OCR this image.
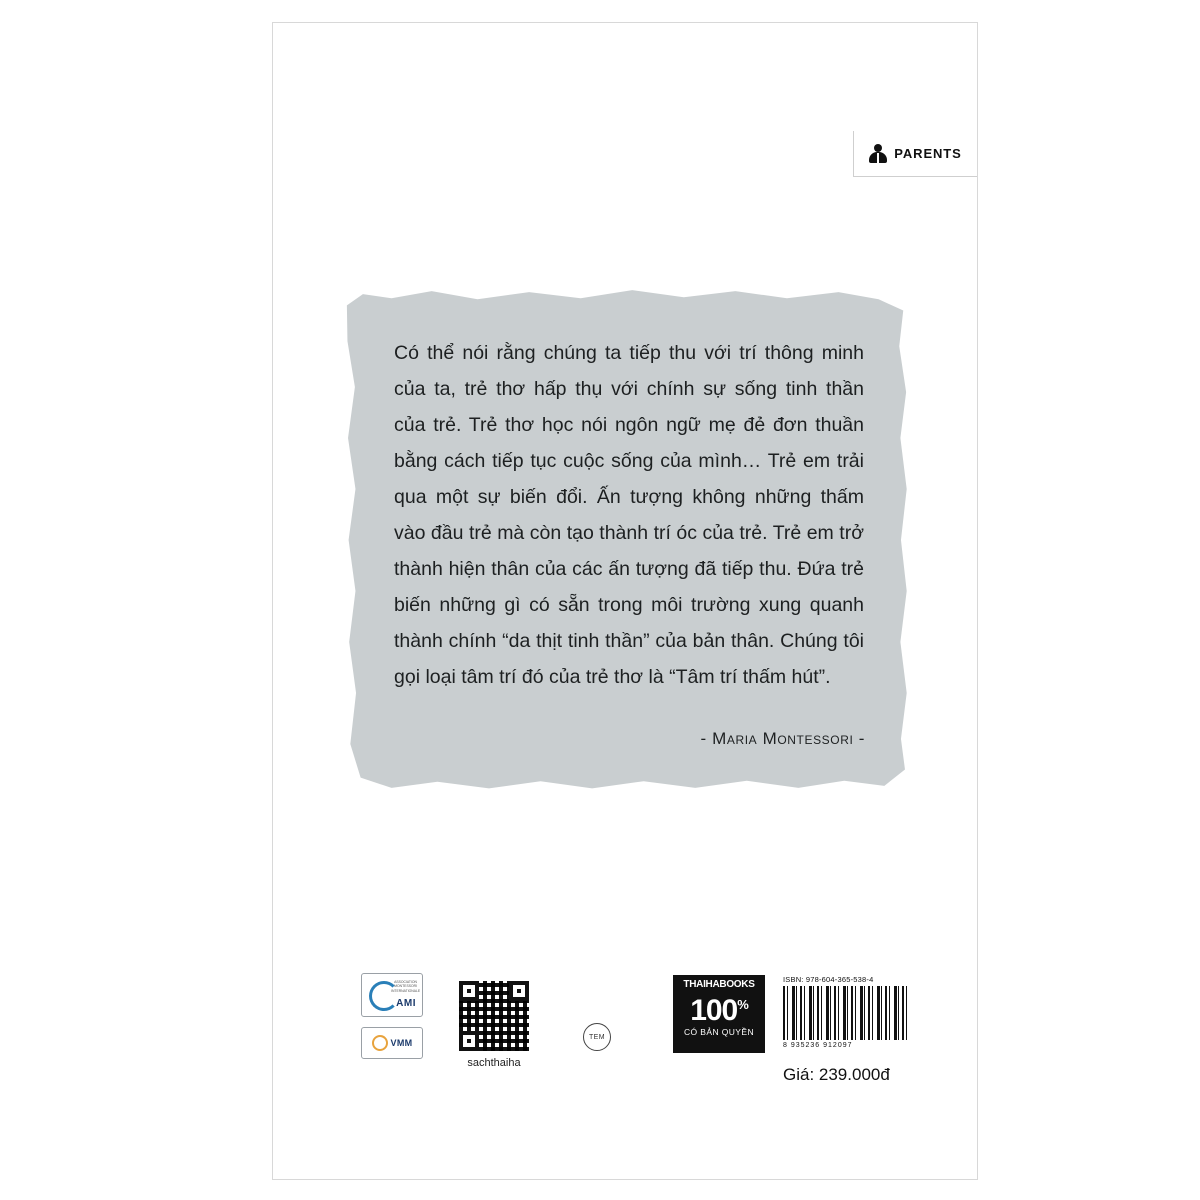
PARENTS
Có thể nói rằng chúng ta tiếp thu với trí thông minh của ta, trẻ thơ hấp thụ với chính sự sống tinh thần của trẻ. Trẻ thơ học nói ngôn ngữ mẹ đẻ đơn thuần bằng cách tiếp tục cuộc sống của mình… Trẻ em trải qua một sự biến đổi. Ấn tượng không những thấm vào đầu trẻ mà còn tạo thành trí óc của trẻ. Trẻ em trở thành hiện thân của các ấn tượng đã tiếp thu. Đứa trẻ biến những gì có sẵn trong môi trường xung quanh thành chính “da thịt tinh thần” của bản thân. Chúng tôi gọi loại tâm trí đó của trẻ thơ là “Tâm trí thấm hút”.
- Maria Montessori -
ASSOCIATION MONTESSORI INTERNATIONALE
AMI
VMM
sachthaiha
TEM
THAIHABOOKS
100%
CÓ BẢN QUYỀN
ISBN: 978-604-365-538-4
8 935236 912097
Giá: 239.000đ
